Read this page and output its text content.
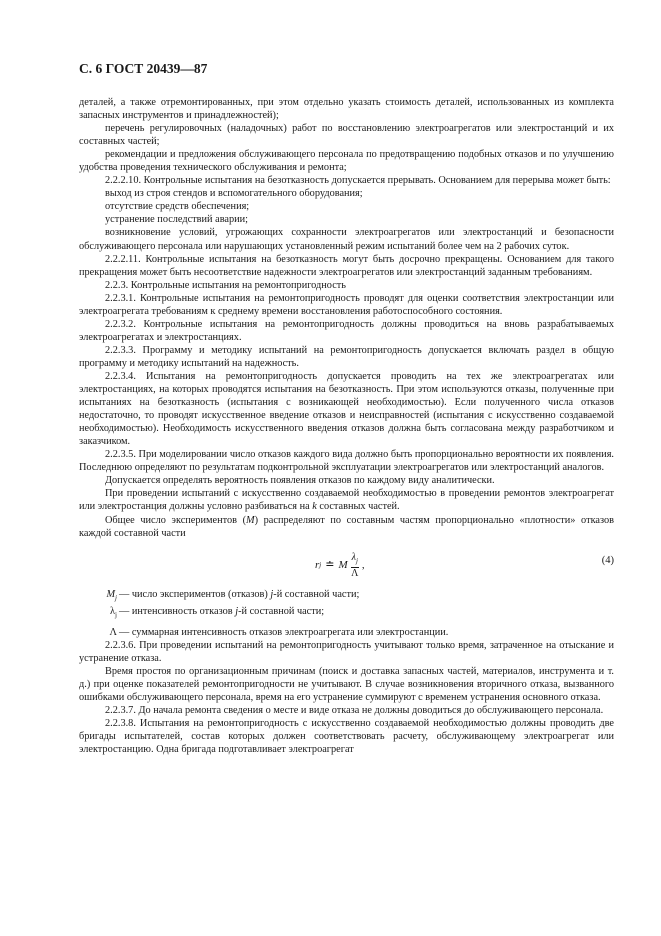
С. 6 ГОСТ 20439—87

деталей, а также отремонтированных, при этом отдельно указать стоимость деталей, использованных из комплекта запасных инструментов и принадлежностей);

перечень регулировочных (наладочных) работ по восстановлению электроагрегатов или электростанций и их составных частей;

рекомендации и предложения обслуживающего персонала по предотвращению подобных отказов и по улучшению удобства проведения технического обслуживания и ремонта;

2.2.2.10. Контрольные испытания на безотказность допускается прерывать. Основанием для перерыва может быть:

выход из строя стендов и вспомогательного оборудования;

отсутствие средств обеспечения;

устранение последствий аварии;

возникновение условий, угрожающих сохранности электроагрегатов или электростанций и безопасности обслуживающего персонала или нарушающих установленный режим испытаний более чем на 2 рабочих суток.

2.2.2.11. Контрольные испытания на безотказность могут быть досрочно прекращены. Основанием для такого прекращения может быть несоответствие надежности электроагрегатов или электростанций заданным требованиям.

2.2.3. Контрольные испытания на ремонтопригодность

2.2.3.1. Контрольные испытания на ремонтопригодность проводят для оценки соответствия электростанции или электроагрегата требованиям к среднему времени восстановления работоспособного состояния.

2.2.3.2. Контрольные испытания на ремонтопригодность должны проводиться на вновь разрабатываемых электроагрегатах и электростанциях.

2.2.3.3. Программу и методику испытаний на ремонтопригодность допускается включать раздел в общую программу и методику испытаний на надежность.

2.2.3.4. Испытания на ремонтопригодность допускается проводить на тех же электроагрегатах или электростанциях, на которых проводятся испытания на безотказность. При этом используются отказы, полученные при испытаниях на безотказность (испытания с возникающей необходимостью). Если полученного числа отказов недостаточно, то проводят искусственное введение отказов и неисправностей (испытания с искусственно создаваемой необходимостью). Необходимость искусственного введения отказов должна быть согласована между разработчиком и заказчиком.

2.2.3.5. При моделировании число отказов каждого вида должно быть пропорционально вероятности их появления. Последнюю определяют по результатам подконтрольной эксплуатации электроагрегатов или электростанций аналогов.

Допускается определять вероятность появления отказов по каждому виду аналитически.

При проведении испытаний с искусственно создаваемой необходимостью в проведении ремонтов электроагрегат или электростанция должны условно разбиваться на k составных частей.

Общее число экспериментов (M) распределяют по составным частям пропорционально «плотности» отказов каждой составной части

r j ≐ M $\frac{\lambda_j}{\Lambda}$ ,	(4)
$M_j$ — число экспериментов (отказов) j-й составной части;
$\lambda_j$ — интенсивность отказов j-й составной части;
Λ — суммарная интенсивность отказов электроагрегата или электростанции.

2.2.3.6. При проведении испытаний на ремонтопригодность учитывают только время, затраченное на отыскание и устранение отказа.

Время простоя по организационным причинам (поиск и доставка запасных частей, материалов, инструмента и т. д.) при оценке показателей ремонтопригодности не учитывают. В случае возникновения вторичного отказа, вызванного ошибками обслуживающего персонала, время на его устранение суммируют с временем устранения основного отказа.

2.2.3.7. До начала ремонта сведения о месте и виде отказа не должны доводиться до обслуживающего персонала.

2.2.3.8. Испытания на ремонтопригодность с искусственно создаваемой необходимостью должны проводить две бригады испытателей, состав которых должен соответствовать расчету, обслуживающему электроагрегат или электростанцию. Одна бригада подготавливает электроагрегат
